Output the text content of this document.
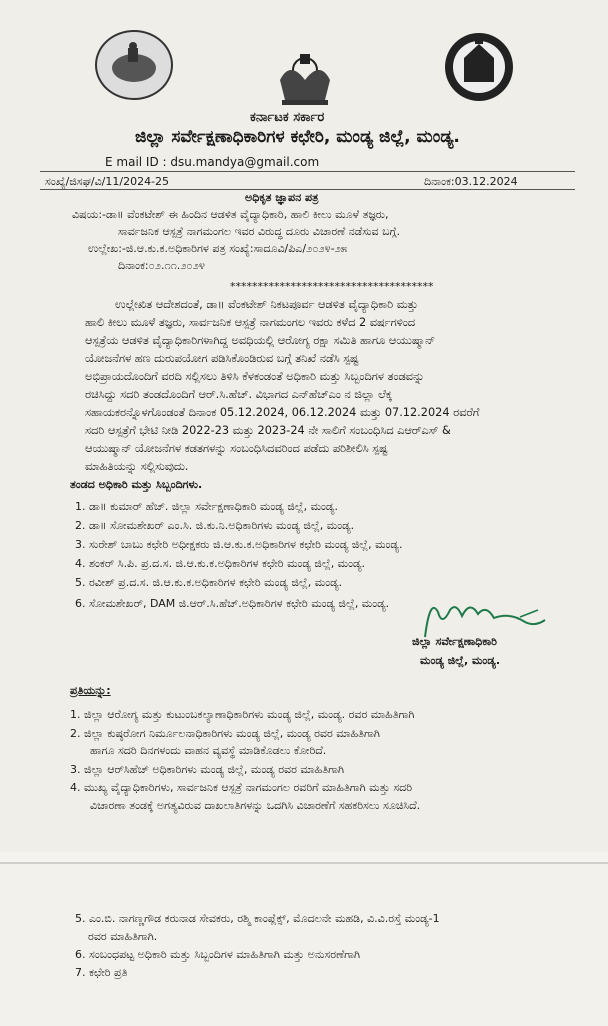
ಕರ್ನಾಟಕ ಸರ್ಕಾರ
ಜಿಲ್ಲಾ ಸರ್ವೇಕ್ಷಣಾಧಿಕಾರಿಗಳ ಕಛೇರಿ, ಮಂಡ್ಯ ಜಿಲ್ಲೆ, ಮಂಡ್ಯ.
E mail ID : dsu.mandya@gmail.com
ಸಂಖ್ಯೆ/ಜಿಸಘ/ವಿ/11/2024-25	ದಿನಾಂಕ:03.12.2024
ಅಧಿಕೃತ ಜ್ಞಾಪನ ಪತ್ರ
ವಿಷಯ:-ಡಾ॥ ವೆಂಕಟೇಶ್ ಈ ಹಿಂದಿನ ಆಡಳಿತ ವೈದ್ಯಾಧಿಕಾರಿ, ಹಾಲಿ ಕೀಲು ಮೂಳೆ ತಜ್ಞರು,
ಸಾರ್ವಜನಿಕ ಆಸ್ಪತ್ರೆ ನಾಗಮಂಗಲ ಇವರ ವಿರುದ್ಧ ದೂರು ವಿಚಾರಣೆ ನಡೆಸುವ ಬಗ್ಗೆ.
ಉಲ್ಲೇಖ:-ಜಿ.ಆ.ಕು.ಕ.ಅಧಿಕಾರಿಗಳ ಪತ್ರ ಸಂಖ್ಯೆ:ಸಾದೂವಿ/ಪಿಎ/೨೦೨೪-೨೫
ದಿನಾಂಕ:೦೨.೧೧.೨೦೨೪
*************************************
ಉಲ್ಲೇಖಿತ ಆದೇಶದಂತೆ, ಡಾ॥ ವೆಂಕಟೇಶ್ ನಿಕಟಪೂರ್ವ ಆಡಳಿತ ವೈದ್ಯಾಧಿಕಾರಿ ಮತ್ತು
ಹಾಲಿ ಕೀಲು ಮೂಳೆ ತಜ್ಞರು, ಸಾರ್ವಜನಿಕ ಆಸ್ಪತ್ರೆ ನಾಗಮಂಗಲ ಇವರು ಕಳೆದ 2 ವರ್ಷಗಳಿಂದ
ಆಸ್ಪತ್ರೆಯ ಆಡಳಿತ ವೈದ್ಯಾಧಿಕಾರಿಗಳಾಗಿದ್ದ ಅವಧಿಯಲ್ಲಿ ಆರೋಗ್ಯ ರಕ್ಷಾ ಸಮಿತಿ ಹಾಗೂ ಆಯುಷ್ಮಾನ್
ಯೋಜನೆಗಳ ಹಣ ದುರುಪಯೋಗ ಪಡಿಸಿಕೊಂಡಿರುವ ಬಗ್ಗೆ ತನಿಖೆ ನಡೆಸಿ ಸ್ಪಷ್ಟ
ಅಭಿಪ್ರಾಯದೊಂದಿಗೆ ವರದಿ ಸಲ್ಲಿಸಲು ತಿಳಿಸಿ ಕೆಳಕಂಡಂತೆ ಅಧಿಕಾರಿ ಮತ್ತು ಸಿಬ್ಬಂದಿಗಳ ತಂಡವನ್ನು
ರಚಿಸಿದ್ದು ಸದರಿ ತಂಡದೊಂದಿಗೆ ಆರ್.ಸಿ.ಹೆಚ್. ವಿಭಾಗದ ಎನ್‌ಹೆಚ್‌ಎಂ ನ ಜಿಲ್ಲಾ ಲೆಕ್ಕ
ಸಹಾಯಕರನ್ನೊಳಗೊಂಡಂತೆ ದಿನಾಂಕ 05.12.2024, 06.12.2024 ಮತ್ತು 07.12.2024 ರವರೆಗೆ
ಸದರಿ ಆಸ್ಪತ್ರೆಗೆ ಭೇಟಿ ನೀಡಿ 2022-23 ಮತ್ತು 2023-24 ನೇ ಸಾಲಿಗೆ ಸಂಬಂಧಿಸಿದ ಎಆರ್‌ಎಸ್ &
ಆಯುಷ್ಮಾನ್ ಯೋಜನೆಗಳ ಕಡತಗಳನ್ನು ಸಂಬಂಧಿಸಿದವರಿಂದ ಪಡೆದು ಪರಿಶೀಲಿಸಿ ಸ್ಪಷ್ಟ
ಮಾಹಿತಿಯನ್ನು ಸಲ್ಲಿಸುವುದು.
ತಂಡದ ಅಧಿಕಾರಿ ಮತ್ತು ಸಿಬ್ಬಂದಿಗಳು.
1. ಡಾ॥ ಕುಮಾರ್ ಹೆಚ್. ಜಿಲ್ಲಾ ಸರ್ವೇಕ್ಷಣಾಧಿಕಾರಿ ಮಂಡ್ಯ ಜಿಲ್ಲೆ, ಮಂಡ್ಯ.
2. ಡಾ॥ ಸೋಮಶೇಖರ್ ಎಂ.ಸಿ. ಜಿ.ಕು.ನಿ.ಅಧಿಕಾರಿಗಳು ಮಂಡ್ಯ ಜಿಲ್ಲೆ, ಮಂಡ್ಯ.
3. ಸುರೇಶ್ ಬಾಬು ಕಛೇರಿ ಅಧೀಕ್ಷಕರು ಜಿ.ಆ.ಕು.ಕ.ಅಧಿಕಾರಿಗಳ ಕಛೇರಿ ಮಂಡ್ಯ ಜಿಲ್ಲೆ, ಮಂಡ್ಯ.
4. ಶಂಕರ್ ಸಿ.ಪಿ. ಪ್ರ.ದ.ಸ. ಜಿ.ಆ.ಕು.ಕ.ಅಧಿಕಾರಿಗಳ ಕಛೇರಿ ಮಂಡ್ಯ ಜಿಲ್ಲೆ, ಮಂಡ್ಯ.
5. ರವೀಶ್ ಪ್ರ.ದ.ಸ. ಜಿ.ಆ.ಕು.ಕ.ಅಧಿಕಾರಿಗಳ ಕಛೇರಿ ಮಂಡ್ಯ ಜಿಲ್ಲೆ, ಮಂಡ್ಯ.
6. ಸೋಮಶೇಖರ್, DAM ಜಿ.ಆರ್.ಸಿ.ಹೆಚ್.ಅಧಿಕಾರಿಗಳ ಕಛೇರಿ ಮಂಡ್ಯ ಜಿಲ್ಲೆ, ಮಂಡ್ಯ.
ಜಿಲ್ಲಾ ಸರ್ವೇಕ್ಷಣಾಧಿಕಾರಿ
ಮಂಡ್ಯ ಜಿಲ್ಲೆ, ಮಂಡ್ಯ.
ಪ್ರತಿಯನ್ನು:
1. ಜಿಲ್ಲಾ ಆರೋಗ್ಯ ಮತ್ತು ಕುಟುಂಬಕಲ್ಯಾಣಾಧಿಕಾರಿಗಳು ಮಂಡ್ಯ ಜಿಲ್ಲೆ, ಮಂಡ್ಯ. ರವರ ಮಾಹಿತಿಗಾಗಿ
2. ಜಿಲ್ಲಾ ಕುಷ್ಠರೋಗ ನಿರ್ಮೂಲನಾಧಿಕಾರಿಗಳು ಮಂಡ್ಯ ಜಿಲ್ಲೆ, ಮಂಡ್ಯ ರವರ ಮಾಹಿತಿಗಾಗಿ
ಹಾಗೂ ಸದರಿ ದಿನಗಳಂದು ವಾಹನ ವ್ಯವಸ್ಥೆ ಮಾಡಿಕೊಡಲು ಕೋರಿದೆ.
3. ಜಿಲ್ಲಾ ಆರ್‌ಸಿಹೆಚ್ ಅಧಿಕಾರಿಗಳು ಮಂಡ್ಯ ಜಿಲ್ಲೆ, ಮಂಡ್ಯ ರವರ ಮಾಹಿತಿಗಾಗಿ
4. ಮುಖ್ಯ ವೈದ್ಯಾಧಿಕಾರಿಗಳು, ಸಾರ್ವಜನಿಕ ಆಸ್ಪತ್ರೆ ನಾಗಮಂಗಲ ರವರಿಗೆ ಮಾಹಿತಿಗಾಗಿ ಮತ್ತು ಸದರಿ
ವಿಚಾರಣಾ ತಂಡಕ್ಕೆ ಅಗತ್ಯವಿರುವ ದಾಖಲಾತಿಗಳನ್ನು ಒದಗಿಸಿ ವಿಚಾರಣೆಗೆ ಸಹಕರಿಸಲು ಸೂಚಿಸಿದೆ.
5. ಎಂ.ಬಿ. ನಾಗಣ್ಣಗೌಡ ಕರುನಾಡ ಸೇವಕರು, ರಶ್ಮಿ ಕಾಂಪ್ಲೆಕ್ಸ್, ಮೊದಲನೇ ಮಹಡಿ, ವಿ.ವಿ.ರಸ್ತೆ ಮಂಡ್ಯ-1
ರವರ ಮಾಹಿತಿಗಾಗಿ.
6. ಸಂಬಂಧಪಟ್ಟ ಅಧಿಕಾರಿ ಮತ್ತು ಸಿಬ್ಬಂದಿಗಳ ಮಾಹಿತಿಗಾಗಿ ಮತ್ತು ಅನುಸರಣೆಗಾಗಿ
7. ಕಛೇರಿ ಪ್ರತಿ
